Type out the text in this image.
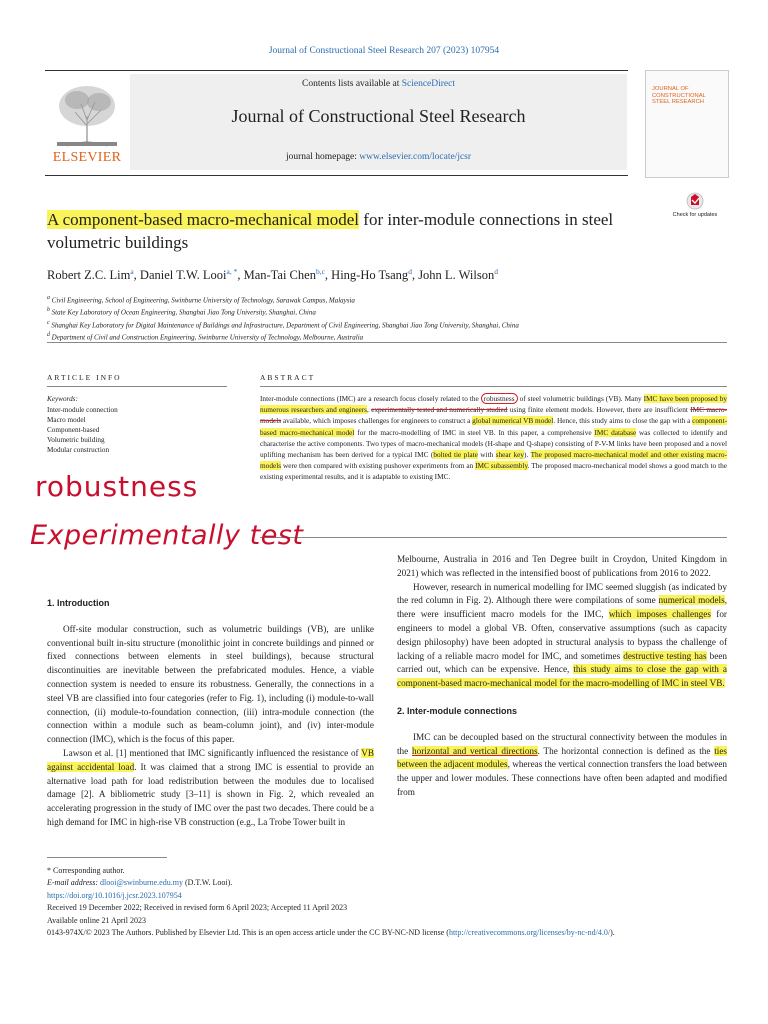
Journal of Constructional Steel Research 207 (2023) 107954
ELSEVIER
Contents lists available at ScienceDirect
Journal of Constructional Steel Research
journal homepage: www.elsevier.com/locate/jcsr
JOURNAL OF CONSTRUCTIONAL STEEL RESEARCH
Check for updates
A component-based macro-mechanical model for inter-module connections in steel volumetric buildings
Robert Z.C. Lim$^a$, Daniel T.W. Looi$^{a, *}$, Man-Tai Chen$^{b,c}$, Hing-Ho Tsang$^d$, John L. Wilson$^d$
$^a$ Civil Engineering, School of Engineering, Swinburne University of Technology, Sarawak Campus, Malaysia
$^b$ State Key Laboratory of Ocean Engineering, Shanghai Jiao Tong University, Shanghai, China
$^c$ Shanghai Key Laboratory for Digital Maintenance of Buildings and Infrastructure, Department of Civil Engineering, Shanghai Jiao Tong University, Shanghai, China
$^d$ Department of Civil and Construction Engineering, Swinburne University of Technology, Melbourne, Australia
ARTICLE INFO
Keywords:
Inter-module connection
Macro model
Component-based
Volumetric building
Modular construction
ABSTRACT
Inter-module connections (IMC) are a research focus closely related to the robustness of steel volumetric buildings (VB). Many IMC have been proposed by numerous researchers and engineers, experimentally tested and numerically studied using finite element models. However, there are insufficient IMC macro-models available, which imposes challenges for engineers to construct a global numerical VB model. Hence, this study aims to close the gap with a component-based macro-mechanical model for the macro-modelling of IMC in steel VB. In this paper, a comprehensive IMC database was collected to identify and characterise the active components. Two types of macro-mechanical models (H-shape and Q-shape) consisting of P-V-M links have been proposed and a novel uplifting mechanism has been derived for a typical IMC (bolted tie plate with shear key). The proposed macro-mechanical model and other existing macro-models were then compared with existing pushover experiments from an IMC subassembly. The proposed macro-mechanical model shows a good match to the existing experimental results, and it is adaptable to existing IMC.
robustness
Experimentally test

1. Introduction

Off-site modular construction, such as volumetric buildings (VB), are unlike conventional built in-situ structure (monolithic joint in concrete buildings and pinned or fixed connections between elements in steel buildings), because structural discontinuities are inevitable between the prefabricated modules. Hence, a viable connection system is needed to ensure its robustness. Generally, the connections in a steel VB are classified into four categories (refer to Fig. 1), including (i) module-to-wall connection, (ii) module-to-foundation connection, (iii) intra-module connection (the connection within a module such as beam-column joint), and (iv) inter-module connection (IMC), which is the focus of this paper.

Lawson et al. [1] mentioned that IMC significantly influenced the resistance of VB against accidental load. It was claimed that a strong IMC is essential to provide an alternative load path for load redistribution between the modules due to localised damage [2]. A bibliometric study [3–11] is shown in Fig. 2, which revealed an accelerating progression in the study of IMC over the past two decades. There could be a high demand for IMC in high-rise VB construction (e.g., La Trobe Tower built in

Melbourne, Australia in 2016 and Ten Degree built in Croydon, United Kingdom in 2021) which was reflected in the intensified boost of publications from 2016 to 2022.

However, research in numerical modelling for IMC seemed sluggish (as indicated by the red column in Fig. 2). Although there were compilations of some numerical models, there were insufficient macro models for the IMC, which imposes challenges for engineers to model a global VB. Often, conservative assumptions (such as capacity design philosophy) have been adopted in structural analysis to bypass the challenge of lacking of a reliable macro model for IMC, and sometimes destructive testing has been carried out, which can be expensive. Hence, this study aims to close the gap with a component-based macro-mechanical model for the macro-modelling of IMC in steel VB.

2. Inter-module connections

IMC can be decoupled based on the structural connectivity between the modules in the horizontal and vertical directions. The horizontal connection is defined as the ties between the adjacent modules, whereas the vertical connection transfers the load between the upper and lower modules. These connections have often been adapted and modified from

* Corresponding author.
E-mail address: dlooi@swinburne.edu.my (D.T.W. Looi).
https://doi.org/10.1016/j.jcsr.2023.107954
Received 19 December 2022; Received in revised form 6 April 2023; Accepted 11 April 2023
Available online 21 April 2023
0143-974X/© 2023 The Authors. Published by Elsevier Ltd. This is an open access article under the CC BY-NC-ND license (http://creativecommons.org/licenses/by-nc-nd/4.0/).
